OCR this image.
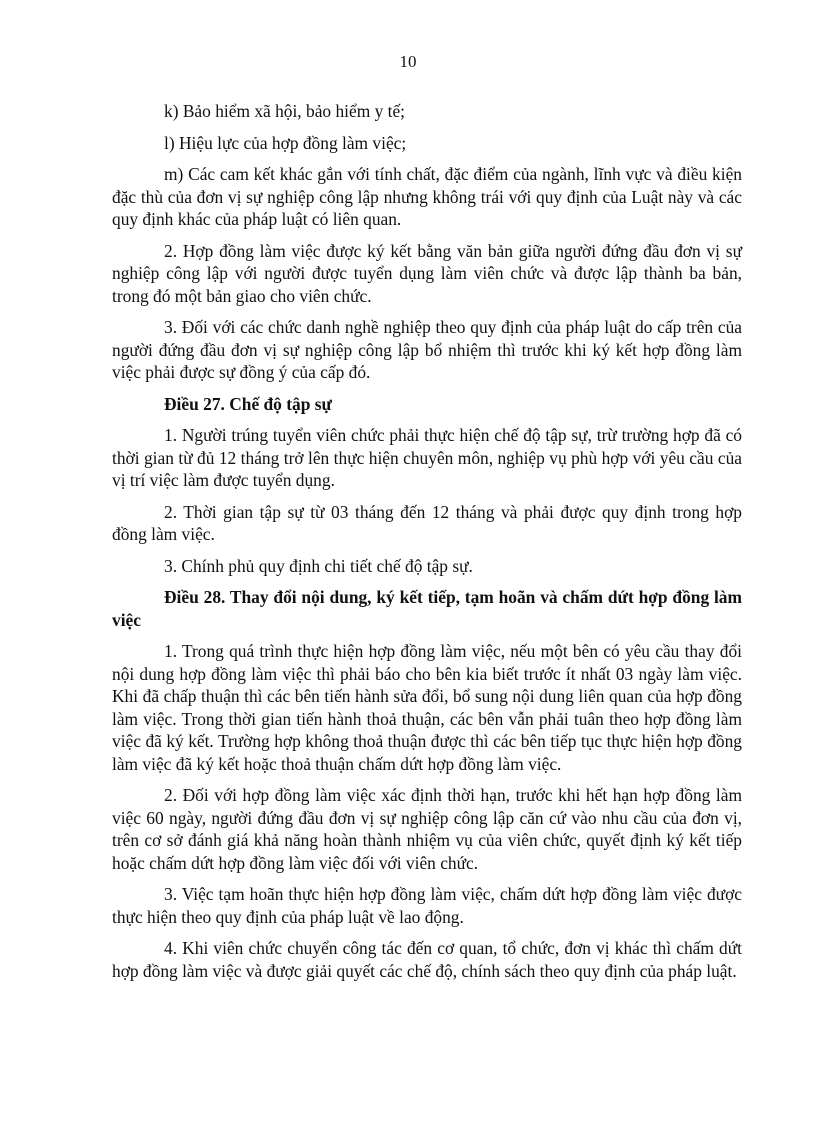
10

k) Bảo hiểm xã hội, bảo hiểm y tế;

l) Hiệu lực của hợp đồng làm việc;

m) Các cam kết khác gắn với tính chất, đặc điểm của ngành, lĩnh vực và điều kiện đặc thù của đơn vị sự nghiệp công lập nhưng không trái với quy định của Luật này và các quy định khác của pháp luật có liên quan.

2. Hợp đồng làm việc được ký kết bằng văn bản giữa người đứng đầu đơn vị sự nghiệp công lập với người được tuyển dụng làm viên chức và được lập thành ba bản, trong đó một bản giao cho viên chức.

3. Đối với các chức danh nghề nghiệp theo quy định của pháp luật do cấp trên của người đứng đầu đơn vị sự nghiệp công lập bổ nhiệm thì trước khi ký kết hợp đồng làm việc phải được sự đồng ý của cấp đó.

Điều 27. Chế độ tập sự

1. Người trúng tuyển viên chức phải thực hiện chế độ tập sự, trừ trường hợp đã có thời gian từ đủ 12 tháng trở lên thực hiện chuyên môn, nghiệp vụ phù hợp với yêu cầu của vị trí việc làm được tuyển dụng.

2. Thời gian tập sự từ 03 tháng đến 12 tháng và phải được quy định trong hợp đồng làm việc.

3. Chính phủ quy định chi tiết chế độ tập sự.

Điều 28. Thay đổi nội dung, ký kết tiếp, tạm hoãn và chấm dứt hợp đồng làm việc

1. Trong quá trình thực hiện hợp đồng làm việc, nếu một bên có yêu cầu thay đổi nội dung hợp đồng làm việc thì phải báo cho bên kia biết trước ít nhất 03 ngày làm việc. Khi đã chấp thuận thì các bên tiến hành sửa đổi, bổ sung nội dung liên quan của hợp đồng làm việc. Trong thời gian tiến hành thoả thuận, các bên vẫn phải tuân theo hợp đồng làm việc đã ký kết. Trường hợp không thoả thuận được thì các bên tiếp tục thực hiện hợp đồng làm việc đã ký kết hoặc thoả thuận chấm dứt hợp đồng làm việc.

2. Đối với hợp đồng làm việc xác định thời hạn, trước khi hết hạn hợp đồng làm việc 60 ngày, người đứng đầu đơn vị sự nghiệp công lập căn cứ vào nhu cầu của đơn vị, trên cơ sở đánh giá khả năng hoàn thành nhiệm vụ của viên chức, quyết định ký kết tiếp hoặc chấm dứt hợp đồng làm việc đối với viên chức.

3. Việc tạm hoãn thực hiện hợp đồng làm việc, chấm dứt hợp đồng làm việc được thực hiện theo quy định của pháp luật về lao động.

4. Khi viên chức chuyển công tác đến cơ quan, tổ chức, đơn vị khác thì chấm dứt hợp đồng làm việc và được giải quyết các chế độ, chính sách theo quy định của pháp luật.
